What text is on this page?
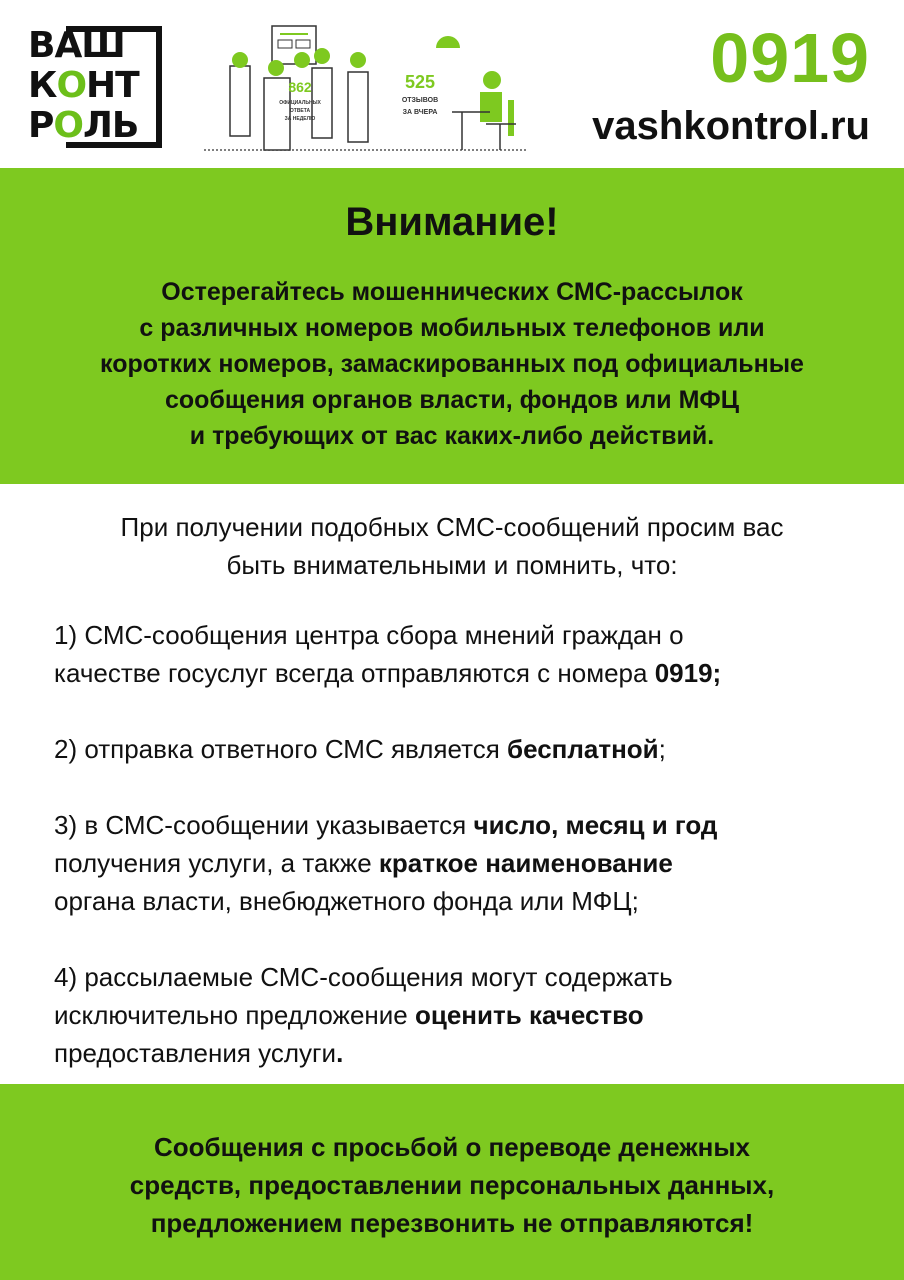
ВАШ
КОНТ
РОЛЬ
862
ОФИЦИАЛЬНЫХ
ОТВЕТА
ЗА НЕДЕЛЮ
525
ОТЗЫВОВ
ЗА ВЧЕРА
0919
vashkontrol.ru
Внимание!
Остерегайтесь мошеннических СМС-рассылок
с различных номеров мобильных телефонов или
коротких номеров, замаскированных под официальные
сообщения органов власти, фондов или МФЦ
и требующих от вас каких-либо действий.
При получении подобных СМС-сообщений просим вас
быть внимательными и помнить, что:
1) СМС-сообщения центра сбора мнений граждан о
качестве госуслуг всегда отправляются с номера 0919;
2) отправка ответного СМС является бесплатной;
3) в СМС-сообщении указывается число, месяц и год
получения услуги, а также краткое наименование
органа власти, внебюджетного фонда или МФЦ;
4) рассылаемые СМС-сообщения могут содержать
исключительно предложение оценить качество
предоставления услуги.
Сообщения с просьбой о переводе денежных
средств, предоставлении персональных данных,
предложением перезвонить не отправляются!
